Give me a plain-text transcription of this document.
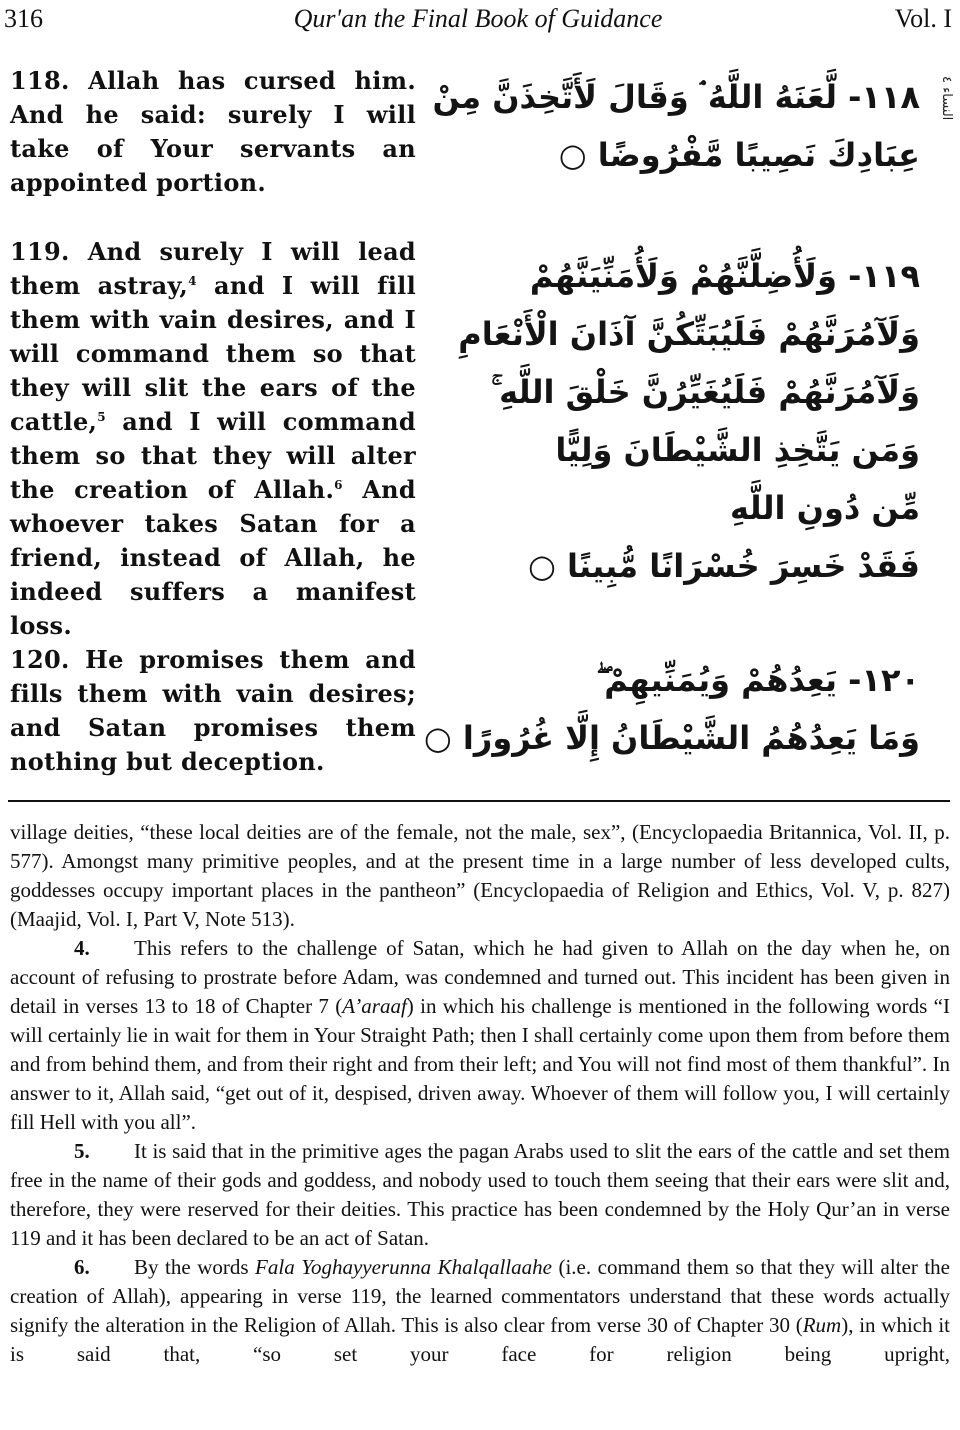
316	Qur'an the Final Book of Guidance	Vol. I
النساء ٤
118. Allah has cursed him. And he said: surely I will take of Your servants an appointed portion.
١١٨- لَّعَنَهُ اللَّهُ ۘ وَقَالَ لَأَتَّخِذَنَّ مِنْ
عِبَادِكَ نَصِيبًا مَّفْرُوضًا ○
119. And surely I will lead them astray,$^4$ and I will fill them with vain desires, and I will command them so that they will slit the ears of the cattle,$^5$ and I will command them so that they will alter the creation of Allah.$^6$ And whoever takes Satan for a friend, instead of Allah, he indeed suffers a manifest loss.
١١٩- وَلَأُضِلَّنَّهُمْ وَلَأُمَنِّيَنَّهُمْ
وَلَآمُرَنَّهُمْ فَلَيُبَتِّكُنَّ آذَانَ الْأَنْعَامِ
وَلَآمُرَنَّهُمْ فَلَيُغَيِّرُنَّ خَلْقَ اللَّهِ ۚ
وَمَن يَتَّخِذِ الشَّيْطَانَ وَلِيًّا
مِّن دُونِ اللَّهِ
فَقَدْ خَسِرَ خُسْرَانًا مُّبِينًا ○
120. He promises them and fills them with vain desires; and Satan promises them nothing but deception.
١٢٠- يَعِدُهُمْ وَيُمَنِّيهِمْ ۖ
وَمَا يَعِدُهُمُ الشَّيْطَانُ إِلَّا غُرُورًا ○

village deities, “these local deities are of the female, not the male, sex”, (Encyclopaedia Britannica, Vol. II, p. 577). Amongst many primitive peoples, and at the present time in a large number of less developed cults, goddesses occupy important places in the pantheon” (Encyclopaedia of Religion and Ethics, Vol. V, p. 827) (Maajid, Vol. I, Part V, Note 513).

4. This refers to the challenge of Satan, which he had given to Allah on the day when he, on account of refusing to prostrate before Adam, was condemned and turned out. This incident has been given in detail in verses 13 to 18 of Chapter 7 (A’araaf) in which his challenge is mentioned in the following words “I will certainly lie in wait for them in Your Straight Path; then I shall certainly come upon them from before them and from behind them, and from their right and from their left; and You will not find most of them thankful”. In answer to it, Allah said, “get out of it, despised, driven away. Whoever of them will follow you, I will certainly fill Hell with you all”.

5. It is said that in the primitive ages the pagan Arabs used to slit the ears of the cattle and set them free in the name of their gods and goddess, and nobody used to touch them seeing that their ears were slit and, therefore, they were reserved for their deities. This practice has been condemned by the Holy Qur’an in verse 119 and it has been declared to be an act of Satan.

6. By the words Fala Yoghayyerunna Khalqallaahe (i.e. command them so that they will alter the creation of Allah), appearing in verse 119, the learned commentators understand that these words actually signify the alteration in the Religion of Allah. This is also clear from verse 30 of Chapter 30 (Rum), in which it is said that, “so set your face for religion being upright,
